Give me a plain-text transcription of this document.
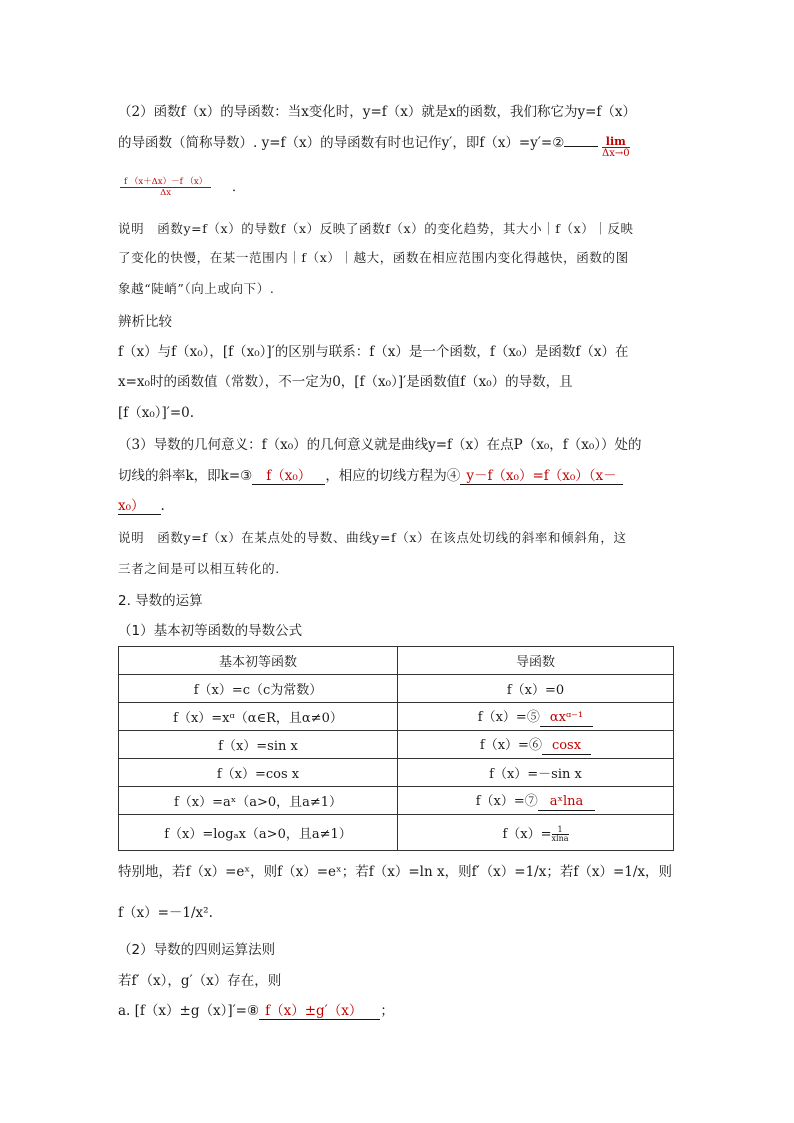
（2）函数f（x）的导函数：当x变化时，y=f（x）就是x的函数，我们称它为y=f（x）
的导函数（简称导数）. y=f（x）的导函数有时也记作y′，即f（x）=y′=②	lim
Δx→0
f （x＋Δx）－f （x）
Δx	．
说明　函数y=f（x）的导数f（x）反映了函数f（x）的变化趋势，其大小｜f（x）｜反映
了变化的快慢，在某一范围内｜f（x）｜越大，函数在相应范围内变化得越快，函数的图
象越“陡峭”（向上或向下）.
辨析比较
f（x）与f（x₀），[f（x₀）]′的区别与联系：f（x）是一个函数，f（x₀）是函数f（x）在
x=x₀时的函数值（常数），不一定为0，[f（x₀）]′是函数值f（x₀）的导数，且
[f（x₀）]′=0.
（3）导数的几何意义：f（x₀）的几何意义就是曲线y=f（x）在点P（x₀，f（x₀））处的
切线的斜率k，即k=③ f（x₀） ，相应的切线方程为④ y－f（x₀）=f（x₀）（x－
x₀） .
说明　函数y=f（x）在某点处的导数、曲线y=f（x）在该点处切线的斜率和倾斜角，这
三者之间是可以相互转化的.
2. 导数的运算
（1）基本初等函数的导数公式
基本初等函数	导函数
f（x）=c（c为常数）	f（x）=0
f（x）=xᵅ（α∈R，且α≠0）	f（x）=⑤ αxᵅ⁻¹
f（x）=sin x	f（x）=⑥ cosx
f（x）=cos x	f（x）=－sin x
f（x）=aˣ（a>0，且a≠1）	f（x）=⑦ aˣlna
f（x）=logₐx（a>0，且a≠1）	$f(x)= \frac{1}{xlna}$
特别地，若f（x）=eˣ，则f（x）=eˣ；若f（x）=ln x，则f′（x）=1/x；若f（x）=1/x，则
f（x）=－1/x².
（2）导数的四则运算法则
若f′（x），g′（x）存在，则
a. [f（x）±g（x）]′=⑧ f（x）±g′（x） ；
